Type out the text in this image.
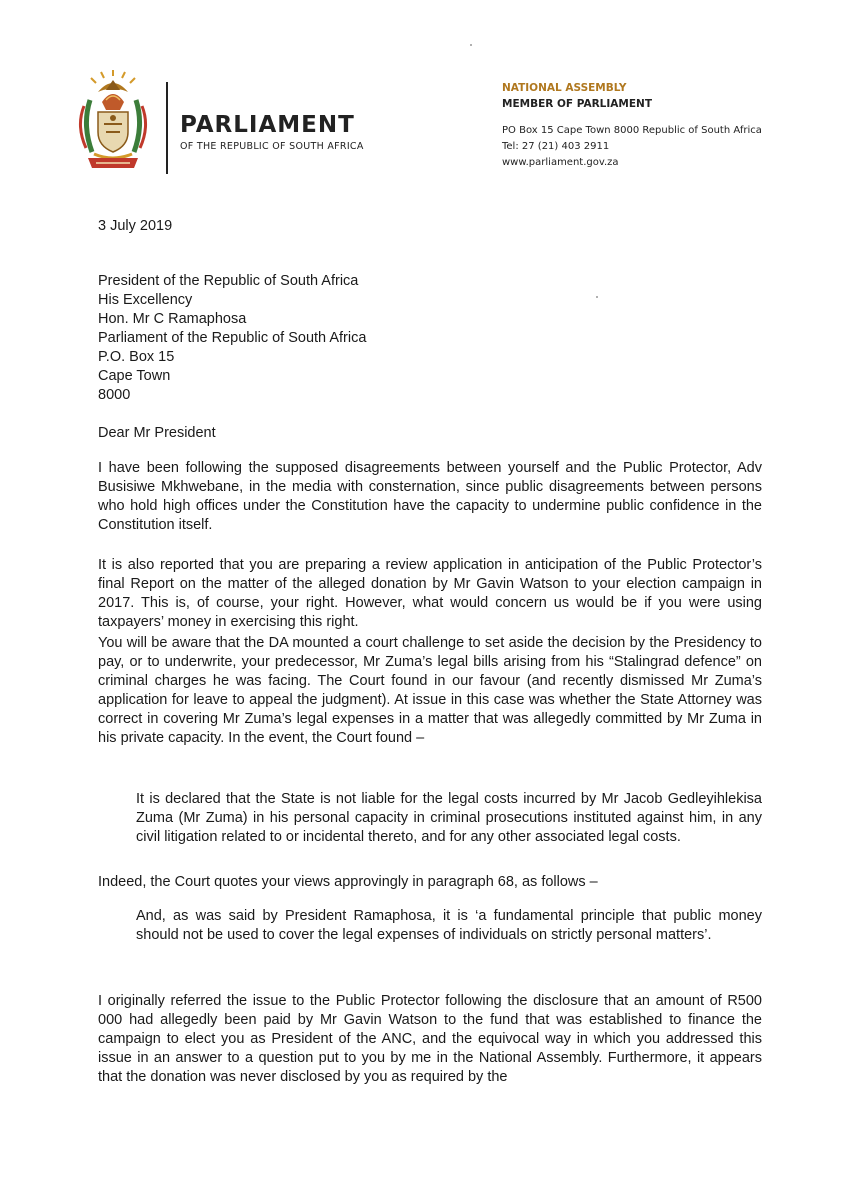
PARLIAMENT
OF THE REPUBLIC OF SOUTH AFRICA
NATIONAL ASSEMBLY
MEMBER OF PARLIAMENT
PO Box 15 Cape Town 8000 Republic of South Africa
Tel: 27 (21) 403 2911
www.parliament.gov.za
3 July 2019
President of the Republic of South Africa
His Excellency
Hon. Mr C Ramaphosa
Parliament of the Republic of South Africa
P.O. Box 15
Cape Town
8000
Dear Mr President

I have been following the supposed disagreements between yourself and the Public Protector, Adv Busisiwe Mkhwebane, in the media with consternation, since public disagreements between persons who hold high offices under the Constitution have the capacity to undermine public confidence in the Constitution itself.

It is also reported that you are preparing a review application in anticipation of the Public Protector’s final Report on the matter of the alleged donation by Mr Gavin Watson to your election campaign in 2017. This is, of course, your right. However, what would concern us would be if you were using taxpayers’ money in exercising this right.

You will be aware that the DA mounted a court challenge to set aside the decision by the Presidency to pay, or to underwrite, your predecessor, Mr Zuma’s legal bills arising from his “Stalingrad defence” on criminal charges he was facing. The Court found in our favour (and recently dismissed Mr Zuma’s application for leave to appeal the judgment). At issue in this case was whether the State Attorney was correct in covering Mr Zuma’s legal expenses in a matter that was allegedly committed by Mr Zuma in his private capacity. In the event, the Court found –

It is declared that the State is not liable for the legal costs incurred by Mr Jacob Gedleyihlekisa Zuma (Mr Zuma) in his personal capacity in criminal prosecutions instituted against him, in any civil litigation related to or incidental thereto, and for any other associated legal costs.

Indeed, the Court quotes your views approvingly in paragraph 68, as follows –

And, as was said by President Ramaphosa, it is ‘a fundamental principle that public money should not be used to cover the legal expenses of individuals on strictly personal matters’.

I originally referred the issue to the Public Protector following the disclosure that an amount of R500 000 had allegedly been paid by Mr Gavin Watson to the fund that was established to finance the campaign to elect you as President of the ANC, and the equivocal way in which you addressed this issue in an answer to a question put to you by me in the National Assembly. Furthermore, it appears that the donation was never disclosed by you as required by the
